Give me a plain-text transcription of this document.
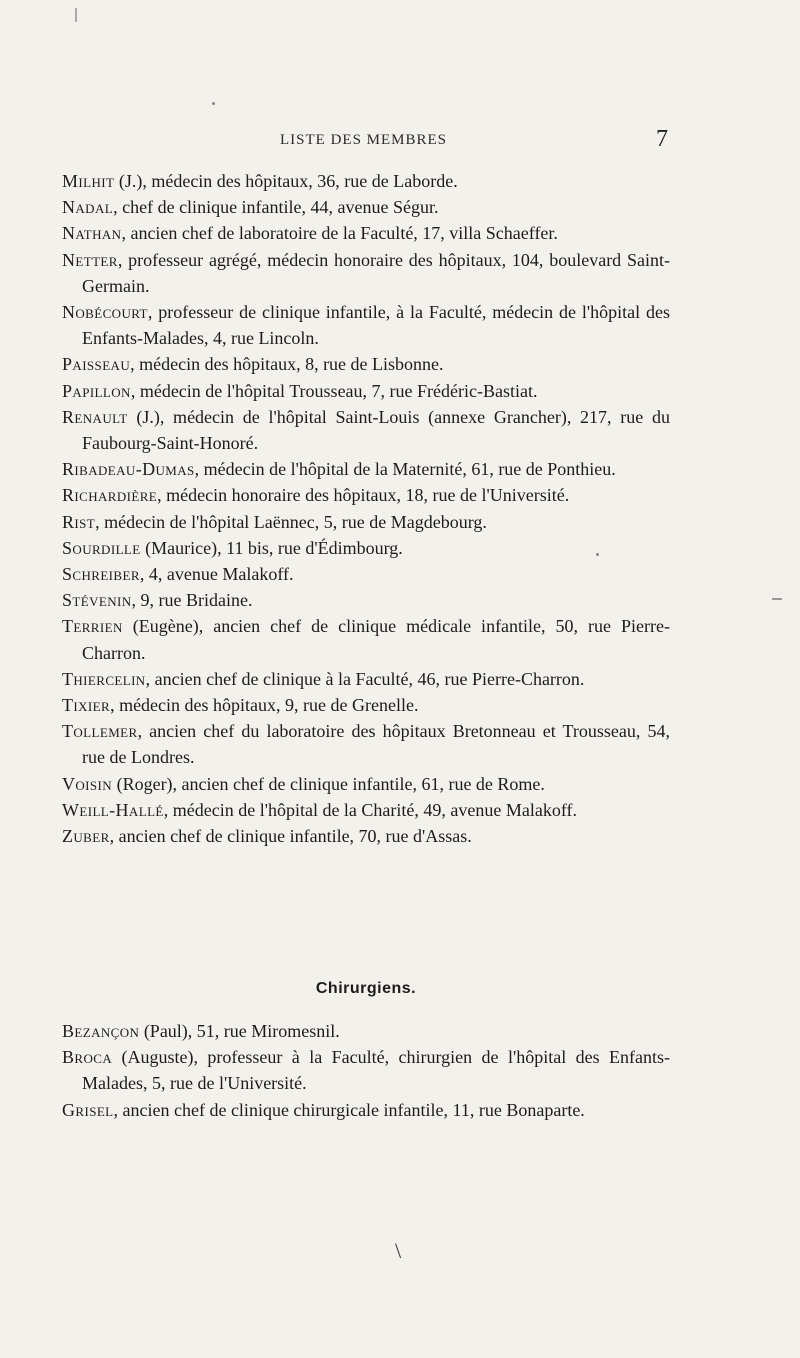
LISTE DES MEMBRES	7
Milhit (J.), médecin des hôpitaux, 36, rue de Laborde.
Nadal, chef de clinique infantile, 44, avenue Ségur.
Nathan, ancien chef de laboratoire de la Faculté, 17, villa Schaeffer.
Netter, professeur agrégé, médecin honoraire des hôpitaux, 104, boulevard Saint-Germain.
Nobécourt, professeur de clinique infantile, à la Faculté, médecin de l'hôpital des Enfants-Malades, 4, rue Lincoln.
Paisseau, médecin des hôpitaux, 8, rue de Lisbonne.
Papillon, médecin de l'hôpital Trousseau, 7, rue Frédéric-Bastiat.
Renault (J.), médecin de l'hôpital Saint-Louis (annexe Grancher), 217, rue du Faubourg-Saint-Honoré.
Ribadeau-Dumas, médecin de l'hôpital de la Maternité, 61, rue de Ponthieu.
Richardière, médecin honoraire des hôpitaux, 18, rue de l'Université.
Rist, médecin de l'hôpital Laënnec, 5, rue de Magdebourg.
Sourdille (Maurice), 11 bis, rue d'Édimbourg.
Schreiber, 4, avenue Malakoff.
Stévenin, 9, rue Bridaine.
Terrien (Eugène), ancien chef de clinique médicale infantile, 50, rue Pierre-Charron.
Thiercelin, ancien chef de clinique à la Faculté, 46, rue Pierre-Charron.
Tixier, médecin des hôpitaux, 9, rue de Grenelle.
Tollemer, ancien chef du laboratoire des hôpitaux Bretonneau et Trousseau, 54, rue de Londres.
Voisin (Roger), ancien chef de clinique infantile, 61, rue de Rome.
Weill-Hallé, médecin de l'hôpital de la Charité, 49, avenue Malakoff.
Zuber, ancien chef de clinique infantile, 70, rue d'Assas.
Chirurgiens.
Bezançon (Paul), 51, rue Miromesnil.
Broca (Auguste), professeur à la Faculté, chirurgien de l'hôpital des Enfants-Malades, 5, rue de l'Université.
Grisel, ancien chef de clinique chirurgicale infantile, 11, rue Bonaparte.
\
